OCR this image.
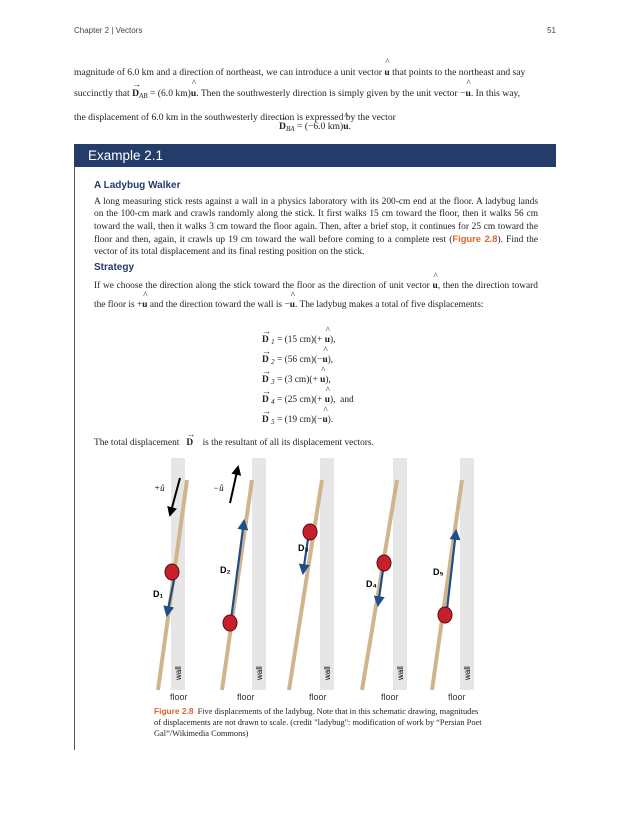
Chapter 2 | Vectors	51
magnitude of 6.0 km and a direction of northeast, we can introduce a unit vector ^ u that points to the northeast and say
succinctly that → $D_{AB} = (6.0$ km)^ u. Then the southwesterly direction is simply given by the unit vector −^ u. In this way,
the displacement of 6.0 km in the southwesterly direction is expressed by the vector
→ $D_{BA} = (-6.0$ km)^ u.
Example 2.1
A Ladybug Walker
A long measuring stick rests against a wall in a physics laboratory with its 200-cm end at the floor. A ladybug lands on the 100-cm mark and crawls randomly along the stick. It first walks 15 cm toward the floor, then it walks 56 cm toward the wall, then it walks 3 cm toward the floor again. Then, after a brief stop, it continues for 25 cm toward the floor and then, again, it crawls up 19 cm toward the wall before coming to a complete rest (Figure 2.8). Find the vector of its total displacement and its final resting position on the stick.
Strategy
If we choose the direction along the stick toward the floor as the direction of unit vector ^ u, then the direction toward the floor is +^ u and the direction toward the wall is −^ u. The ladybug makes a total of five displacements:
→ D $_1$ = (15 cm)(+ ^ u),
→ D $_2$ = (56 cm)(−^ u),
→ D $_3$ = (3 cm)(+ ^ u),
→ D $_4$ = (25 cm)(+ ^ u), and
→ D $_5$ = (19 cm)(−^ u).
The total displacement → D is the resultant of all its displacement vectors.
wall
D₁
wall
D₂
wall
D₃
wall
D₄
wall
D₅
+û	−û
floor	floor	floor	floor	floor
Figure 2.8 Five displacements of the ladybug. Note that in this schematic drawing, magnitudes of displacements are not drawn to scale. (credit "ladybug": modification of work by “Persian Poet Gal”/Wikimedia Commons)
